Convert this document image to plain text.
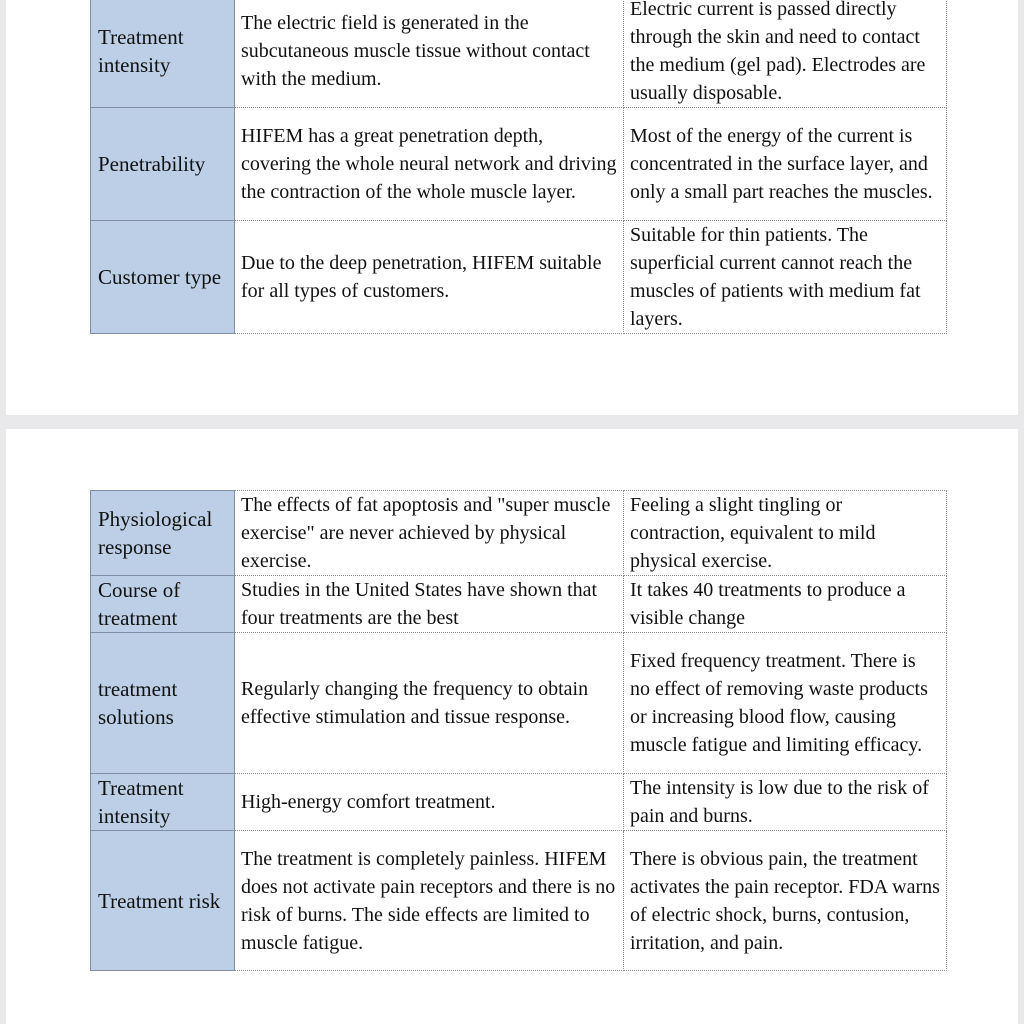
Treatment intensity	The electric field is generated in the subcutaneous muscle tissue without contact with the medium.	Electric current is passed directly through the skin and need to contact the medium (gel pad). Electrodes are usually disposable.
Penetrability	HIFEM has a great penetration depth, covering the whole neural network and driving the contraction of the whole muscle layer.	Most of the energy of the current is concentrated in the surface layer, and only a small part reaches the muscles.
Customer type	Due to the deep penetration, HIFEM suitable for all types of customers.	Suitable for thin patients. The superficial current cannot reach the muscles of patients with medium fat layers.
Physiological response	The effects of fat apoptosis and "super muscle exercise" are never achieved by physical exercise.	Feeling a slight tingling or contraction, equivalent to mild physical exercise.
Course of treatment	Studies in the United States have shown that four treatments are the best	It takes 40 treatments to produce a visible change
treatment solutions	Regularly changing the frequency to obtain effective stimulation and tissue response.	Fixed frequency treatment. There is no effect of removing waste products or increasing blood flow, causing muscle fatigue and limiting efficacy.
Treatment intensity	High-energy comfort treatment.	The intensity is low due to the risk of pain and burns.
Treatment risk	The treatment is completely painless. HIFEM does not activate pain receptors and there is no risk of burns. The side effects are limited to muscle fatigue.	There is obvious pain, the treatment activates the pain receptor. FDA warns of electric shock, burns, contusion, irritation, and pain.
